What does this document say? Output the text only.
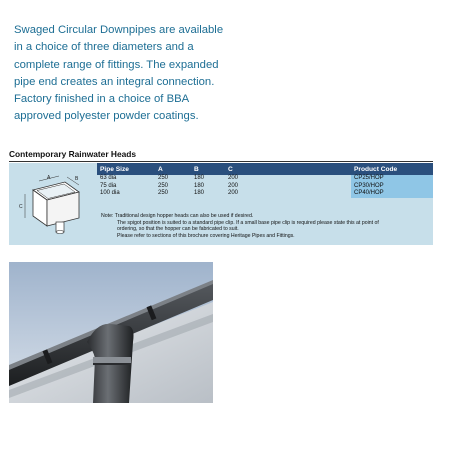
Swaged Circular Downpipes are available

in a choice of three diameters and a

complete range of fittings. The expanded

pipe end creates an integral connection.

Factory finished in a choice of BBA

approved polyester powder coatings.

Contemporary Rainwater Heads
A	B
C
Pipe Size	A	B	C	Product Code
63 dia	250	180	200	CP25/HOP
75 dia	250	180	200	CP30/HOP
100 dia	250	180	200	CP40/HOP

Note: Traditional design hopper heads can also be used if desired.

The spigot position is suited to a standard pipe clip. If a small base pipe clip is required please state this at point of

ordering, so that the hopper can be fabricated to suit.

Please refer to sections of this brochure covering Heritage Pipes and Fittings.
